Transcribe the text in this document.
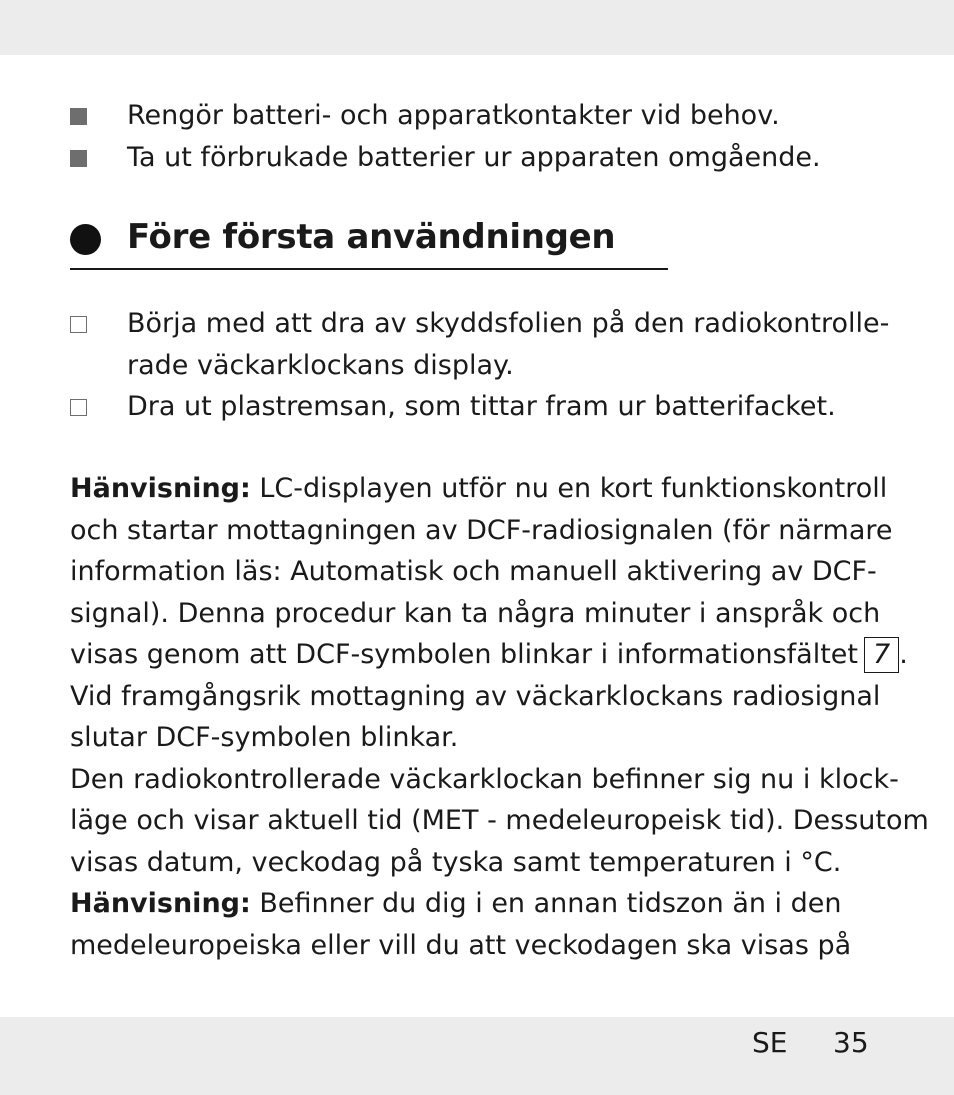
Rengör batteri- och apparatkontakter vid behov.
Ta ut förbrukade batterier ur apparaten omgående.
Före första användningen
Börja med att dra av skyddsfolien på den radiokontrolle-
rade väckarklockans display.
Dra ut plastremsan, som tittar fram ur batterifacket.
Hänvisning: LC-displayen utför nu en kort funktionskontroll
och startar mottagningen av DCF-radiosignalen (för närmare
information läs: Automatisk och manuell aktivering av DCF-
signal). Denna procedur kan ta några minuter i anspråk och
visas genom att DCF-symbolen blinkar i informationsfältet 7 .
Vid framgångsrik mottagning av väckarklockans radiosignal
slutar DCF-symbolen blinkar.
Den radiokontrollerade väckarklockan befinner sig nu i klock-
läge och visar aktuell tid (MET - medeleuropeisk tid). Dessutom
visas datum, veckodag på tyska samt temperaturen i °C.
Hänvisning: Befinner du dig i en annan tidszon än i den
medeleuropeiska eller vill du att veckodagen ska visas på
SE 35
